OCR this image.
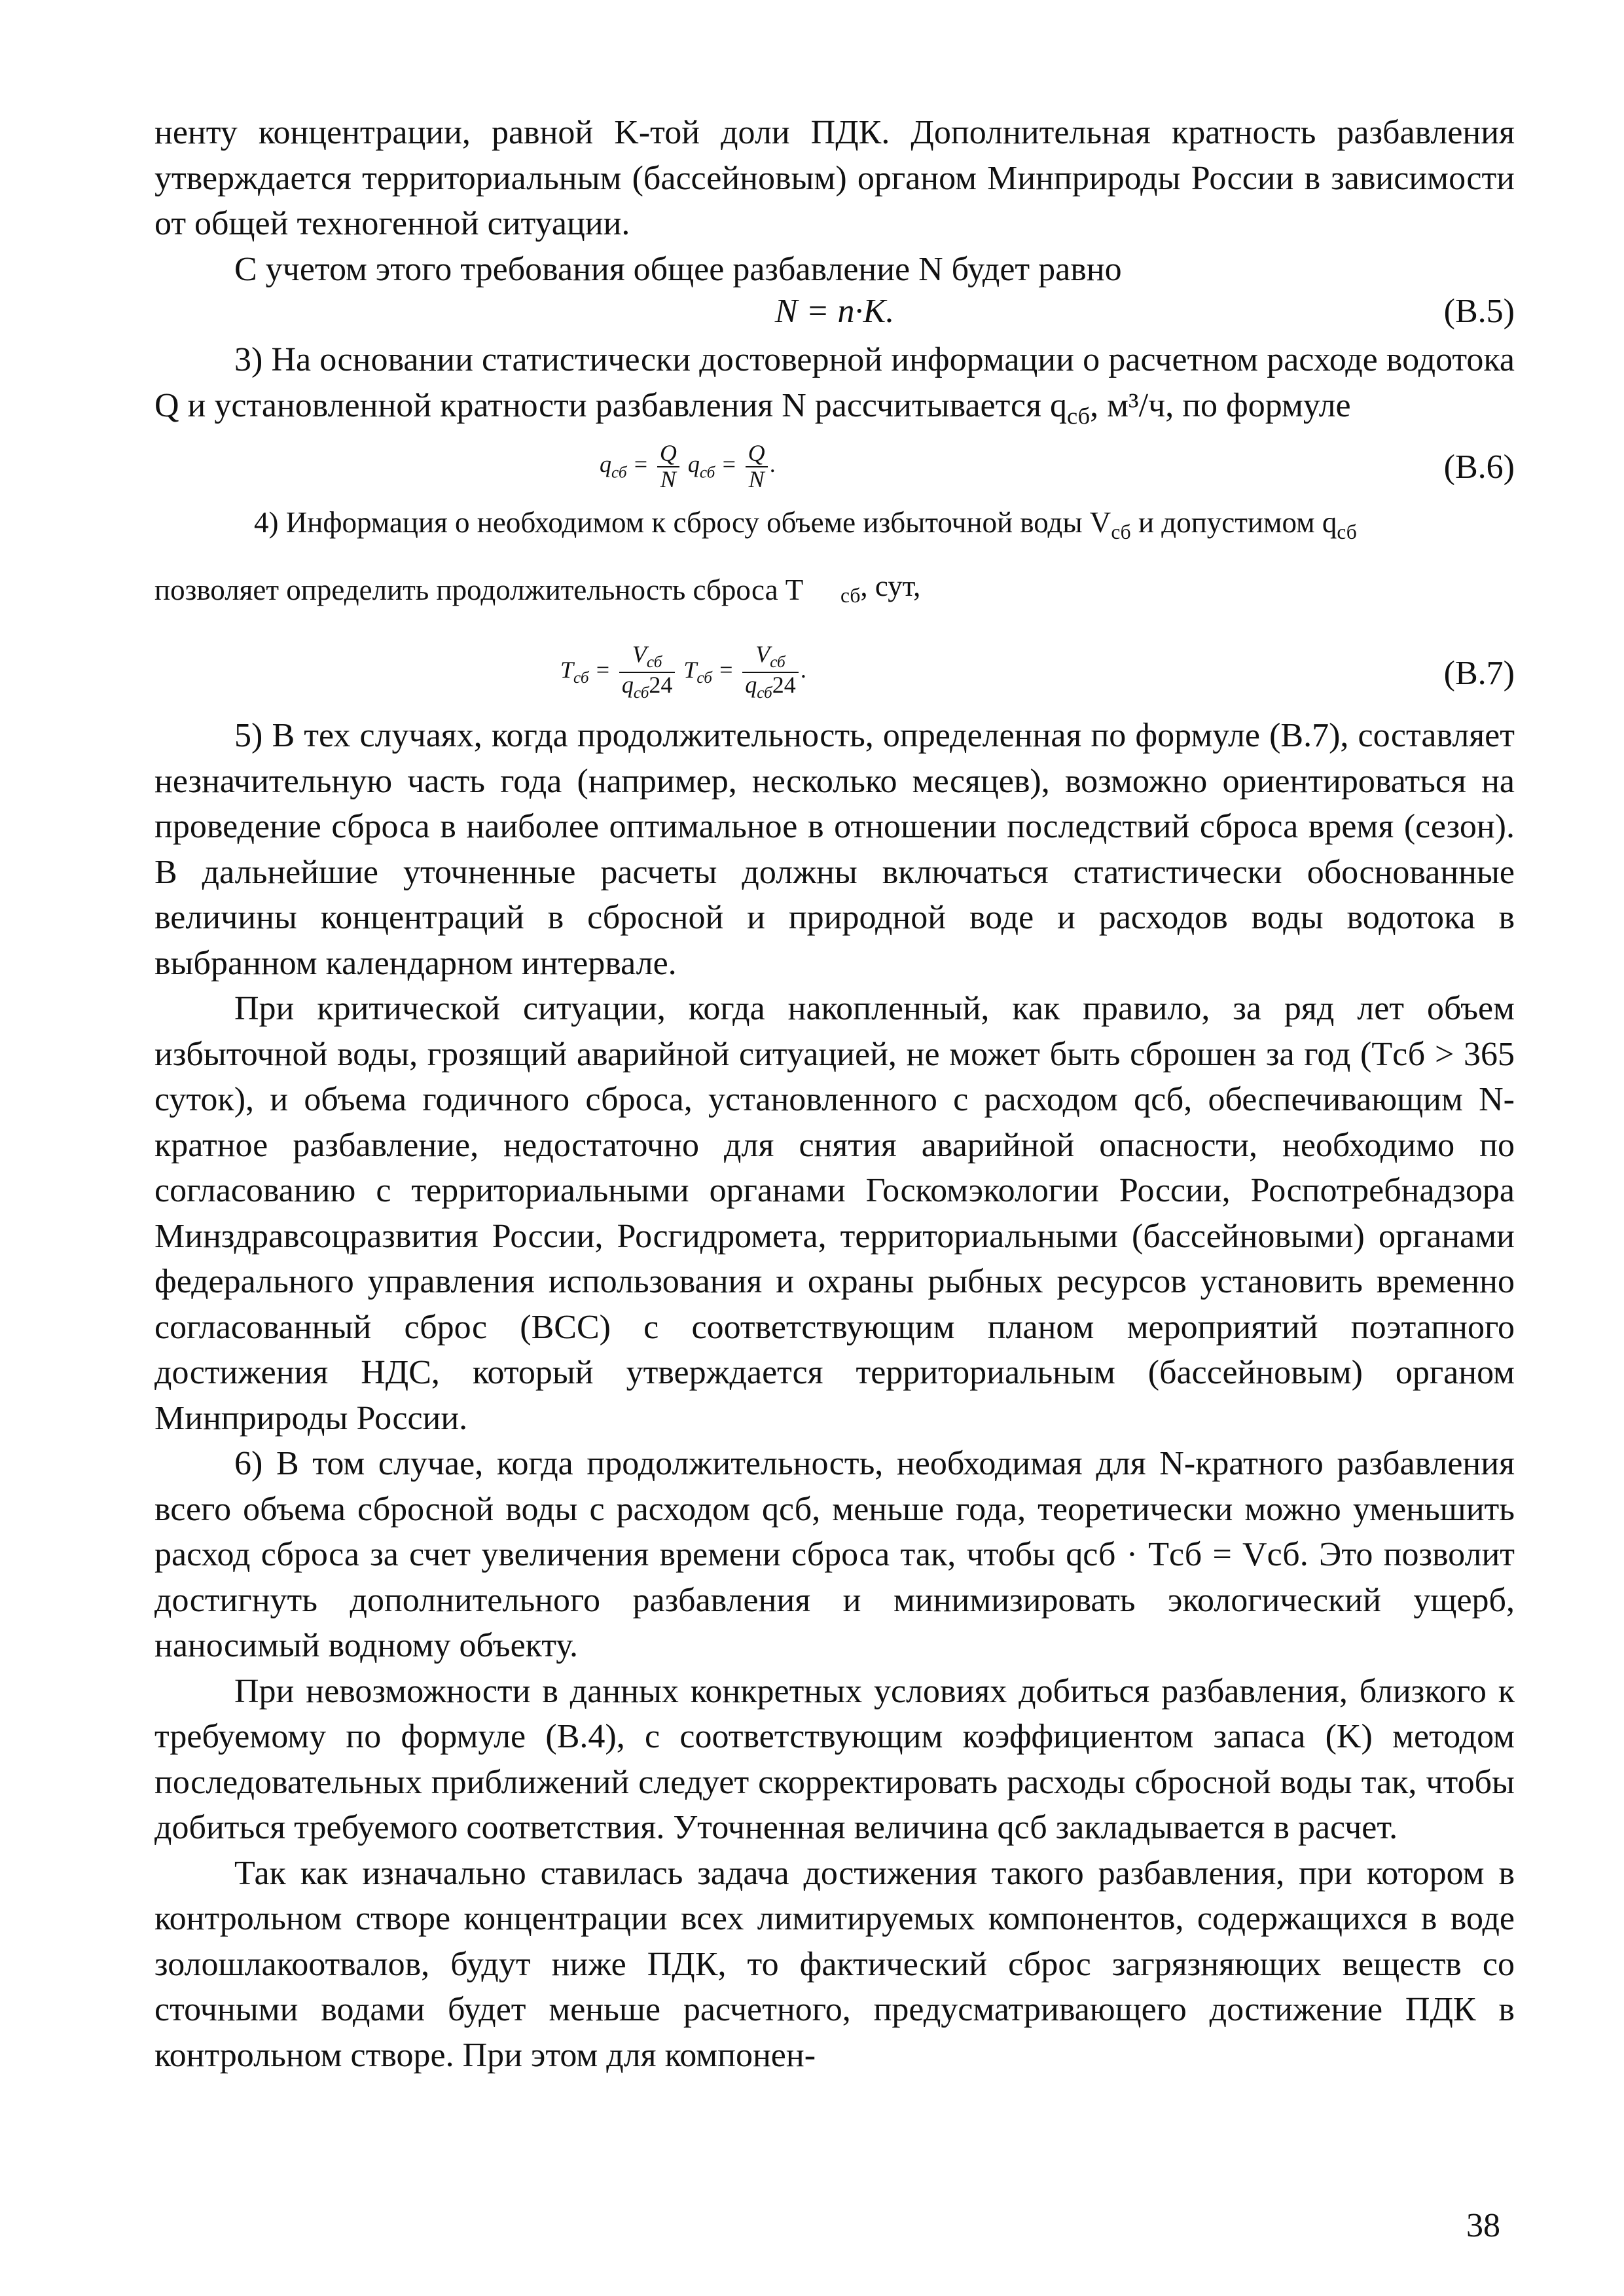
ненту концентрации, равной K-той доли ПДК. Дополнительная кратность разбавления утверждается территориальным (бассейновым) органом Минприроды России в зависимости от общей техногенной ситуации.

С учетом этого требования общее разбавление N будет равно

N = n·K.	(В.5)

3) На основании статистически достоверной информации о расчетном расходе водотока Q и установленной кратности разбавления N рассчитывается $q_{сб}$, м³/ч, по формуле

$q_{сб} = \frac{Q}{N} q_{сб} = \frac{Q}{N}$ .	(В.6)

4) Информация о необходимом к сбросу объеме избыточной воды $V_{сб}$ и допустимом $q_{сб}$
позволяет определить продолжительность сброса T	$_{сб}$, сут,
$T_{сб} = \frac{V_{сб}}{q_{сб}24} T_{сб} = \frac{V_{сб}}{q_{сб}24}$ .	(В.7)

5) В тех случаях, когда продолжительность, определенная по формуле (В.7), составляет незначительную часть года (например, несколько месяцев), возможно ориентироваться на проведение сброса в наиболее оптимальное в отношении последствий сброса время (сезон). В дальнейшие уточненные расчеты должны включаться статистически обоснованные величины концентраций в сбросной и природной воде и расходов воды водотока в выбранном календарном интервале.

При критической ситуации, когда накопленный, как правило, за ряд лет объем избыточной воды, грозящий аварийной ситуацией, не может быть сброшен за год (Tсб > 365 суток), и объема годичного сброса, установленного с расходом qсб, обеспечивающим N-кратное разбавление, недостаточно для снятия аварийной опасности, необходимо по согласованию с территориальными органами Госкомэкологии России, Роспотребнадзора Минздравсоцразвития России, Росгидромета, территориальными (бассейновыми) органами федерального управления использования и охраны рыбных ресурсов установить временно согласованный сброс (ВСС) с соответствующим планом мероприятий поэтапного достижения НДС, который утверждается территориальным (бассейновым) органом Минприроды России.

6) В том случае, когда продолжительность, необходимая для N-кратного разбавления всего объема сбросной воды с расходом qсб, меньше года, теоретически можно уменьшить расход сброса за счет увеличения времени сброса так, чтобы qсб · Tсб = Vсб. Это позволит достигнуть дополнительного разбавления и минимизировать экологический ущерб, наносимый водному объекту.

При невозможности в данных конкретных условиях добиться разбавления, близкого к требуемому по формуле (В.4), с соответствующим коэффициентом запаса (K) методом последовательных приближений следует скорректировать расходы сбросной воды так, чтобы добиться требуемого соответствия. Уточненная величина qсб закладывается в расчет.

Так как изначально ставилась задача достижения такого разбавления, при котором в контрольном створе концентрации всех лимитируемых компонентов, содержащихся в воде золошлакоотвалов, будут ниже ПДК, то фактический сброс загрязняющих веществ со сточными водами будет меньше расчетного, предусматривающего достижение ПДК в контрольном створе. При этом для компонен-

38
